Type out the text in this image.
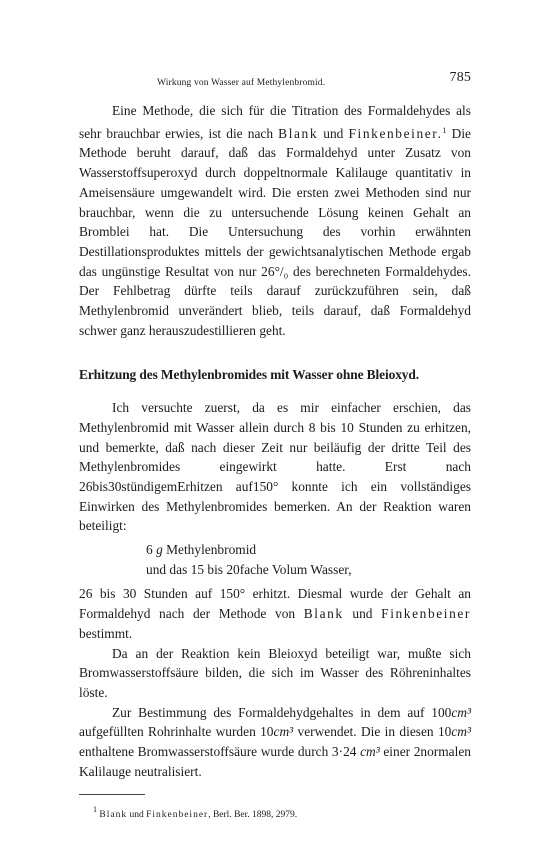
Wirkung von Wasser auf Methylenbromid.	785

Eine Methode, die sich für die Titration des Formaldehydes als sehr brauchbar erwies, ist die nach Blank und Finkenbeiner.$^1$ Die Methode beruht darauf, daß das Formaldehyd unter Zusatz von Wasserstoffsuperoxyd durch doppeltnormale Kalilauge quantitativ in Ameisensäure umgewandelt wird. Die ersten zwei Methoden sind nur brauchbar, wenn die zu untersuchende Lösung keinen Gehalt an Bromblei hat. Die Untersuchung des vorhin erwähnten Destillationsproduktes mittels der gewichtsanalytischen Methode ergab das ungünstige Resultat von nur 26°/₀ des berechneten Formaldehydes. Der Fehlbetrag dürfte teils darauf zurückzuführen sein, daß Methylenbromid unverändert blieb, teils darauf, daß Formaldehyd schwer ganz herauszudestillieren geht.

Erhitzung des Methylenbromides mit Wasser ohne Bleioxyd.

Ich versuchte zuerst, da es mir einfacher erschien, das Methylenbromid mit Wasser allein durch 8 bis 10 Stunden zu erhitzen, und bemerkte, daß nach dieser Zeit nur beiläufig der dritte Teil des Methylenbromides eingewirkt hatte. Erst nach 26bis30stündigemErhitzen auf150° konnte ich ein vollständiges Einwirken des Methylenbromides bemerken. An der Reaktion waren beteiligt:

6 g Methylenbromid
und das 15 bis 20fache Volum Wasser,

26 bis 30 Stunden auf 150° erhitzt. Diesmal wurde der Gehalt an Formaldehyd nach der Methode von Blank und Finkenbeiner bestimmt.

Da an der Reaktion kein Bleioxyd beteiligt war, mußte sich Bromwasserstoffsäure bilden, die sich im Wasser des Röhreninhaltes löste.

Zur Bestimmung des Formaldehydgehaltes in dem auf 100cm³ aufgefüllten Rohrinhalte wurden 10cm³ verwendet. Die in diesen 10cm³ enthaltene Bromwasserstoffsäure wurde durch 3·24 cm³ einer 2normalen Kalilauge neutralisiert.

$^1$ Blank und Finkenbeiner, Berl. Ber. 1898, 2979.
